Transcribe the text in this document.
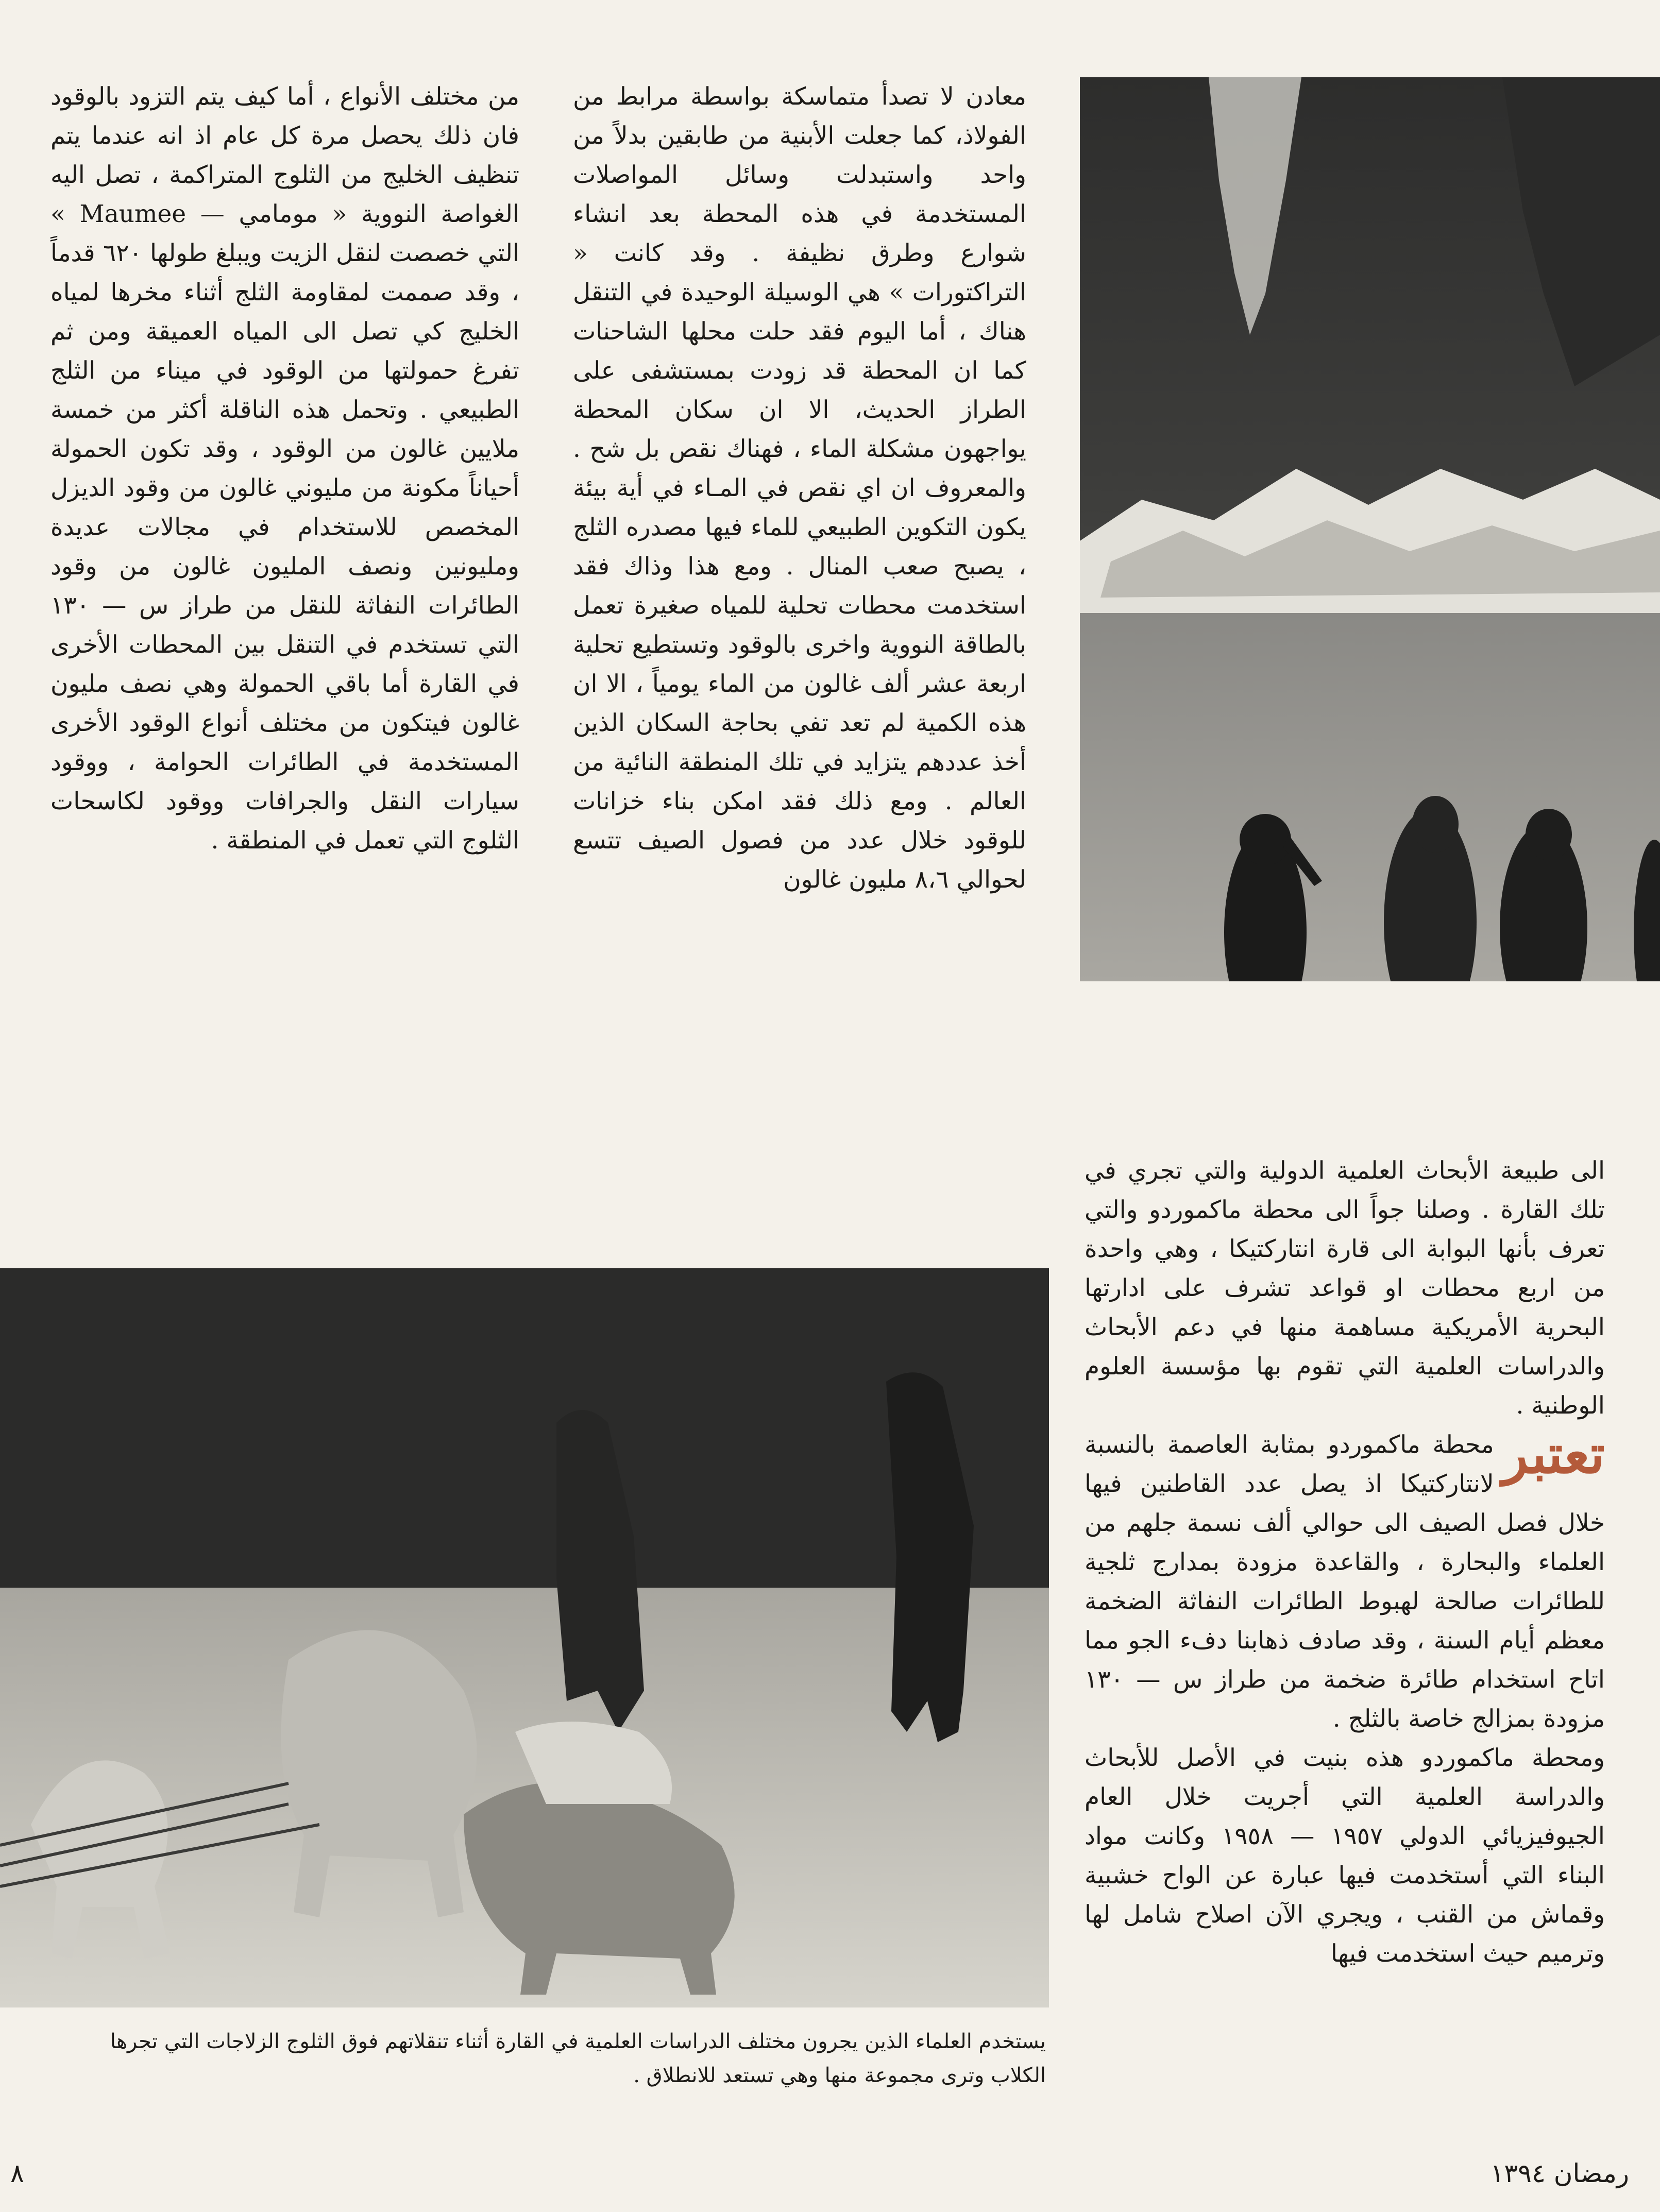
معادن لا تصدأ متماسكة بواسطة مرابط من الفولاذ، كما جعلت الأبنية من طابقين بدلاً من واحد واستبدلت وسائل المواصلات المستخدمة في هذه المحطة بعد انشاء شوارع وطرق نظيفة . وقد كانت « التراكتورات » هي الوسيلة الوحيدة في التنقل هناك ، أما اليوم فقد حلت محلها الشاحنات كما ان المحطة قد زودت بمستشفى على الطراز الحديث، الا ان سكان المحطة يواجهون مشكلة الماء ، فهناك نقص بل شح . والمعروف ان اي نقص في المـاء في أية بيئة يكون التكوين الطبيعي للماء فيها مصدره الثلج ، يصبح صعب المنال . ومع هذا وذاك فقد استخدمت محطات تحلية للمياه صغيرة تعمل بالطاقة النووية واخرى بالوقود وتستطيع تحلية اربعة عشر ألف غالون من الماء يومياً ، الا ان هذه الكمية لم تعد تفي بحاجة السكان الذين أخذ عددهم يتزايد في تلك المنطقة النائية من العالم . ومع ذلك فقد امكن بناء خزانات للوقود خلال عدد من فصول الصيف تتسع لحوالي ٨،٦ مليون غالون

من مختلف الأنواع ، أما كيف يتم التزود بالوقود فان ذلك يحصل مرة كل عام اذ انه عندما يتم تنظيف الخليج من الثلوج المتراكمة ، تصل اليه الغواصة النووية « مومامي — Maumee » التي خصصت لنقل الزيت ويبلغ طولها ٦٢٠ قدماً ، وقد صممت لمقاومة الثلج أثناء مخرها لمياه الخليج كي تصل الى المياه العميقة ومن ثم تفرغ حمولتها من الوقود في ميناء من الثلج الطبيعي . وتحمل هذه الناقلة أكثر من خمسة ملايين غالون من الوقود ، وقد تكون الحمولة أحياناً مكونة من مليوني غالون من وقود الديزل المخصص للاستخدام في مجالات عديدة ومليونين ونصف المليون غالون من وقود الطائرات النفاثة للنقل من طراز س — ١٣٠ التي تستخدم في التنقل بين المحطات الأخرى في القارة أما باقي الحمولة وهي نصف مليون غالون فيتكون من مختلف أنواع الوقود الأخرى المستخدمة في الطائرات الحوامة ، ووقود سيارات النقل والجرافات ووقود لكاسحات الثلوج التي تعمل في المنطقة .

الى طبيعة الأبحاث العلمية الدولية والتي تجري في تلك القارة . وصلنا جواً الى محطة ماكموردو والتي تعرف بأنها البوابة الى قارة انتاركتيكا ، وهي واحدة من اربع محطات او قواعد تشرف على ادارتها البحرية الأمريكية مساهمة منها في دعم الأبحاث والدراسات العلمية التي تقوم بها مؤسسة العلوم الوطنية .

تعتبر
محطة ماكموردو بمثابة العاصمة بالنسبة لانتاركتيكا اذ يصل عدد القاطنين فيها خلال فصل الصيف الى حوالي ألف نسمة جلهم من العلماء والبحارة ، والقاعدة مزودة بمدارج ثلجية للطائرات صالحة لهبوط الطائرات النفاثة الضخمة معظم أيام السنة ، وقد صادف ذهابنا دفء الجو مما اتاح استخدام طائرة ضخمة من طراز س — ١٣٠ مزودة بمزالج خاصة بالثلج .

ومحطة ماكموردو هذه بنيت في الأصل للأبحاث والدراسة العلمية التي أجريت خلال العام الجيوفيزيائي الدولي ١٩٥٧ — ١٩٥٨ وكانت مواد البناء التي أستخدمت فيها عبارة عن الواح خشبية وقماش من القنب ، ويجري الآن اصلاح شامل لها وترميم حيث استخدمت فيها

يستخدم العلماء الذين يجرون مختلف الدراسات العلمية في القارة أثناء تنقلاتهم فوق الثلوج الزلاجات التي تجرها الكلاب وترى مجموعة منها وهي تستعد للانطلاق .

رمضان ١٣٩٤

٨
